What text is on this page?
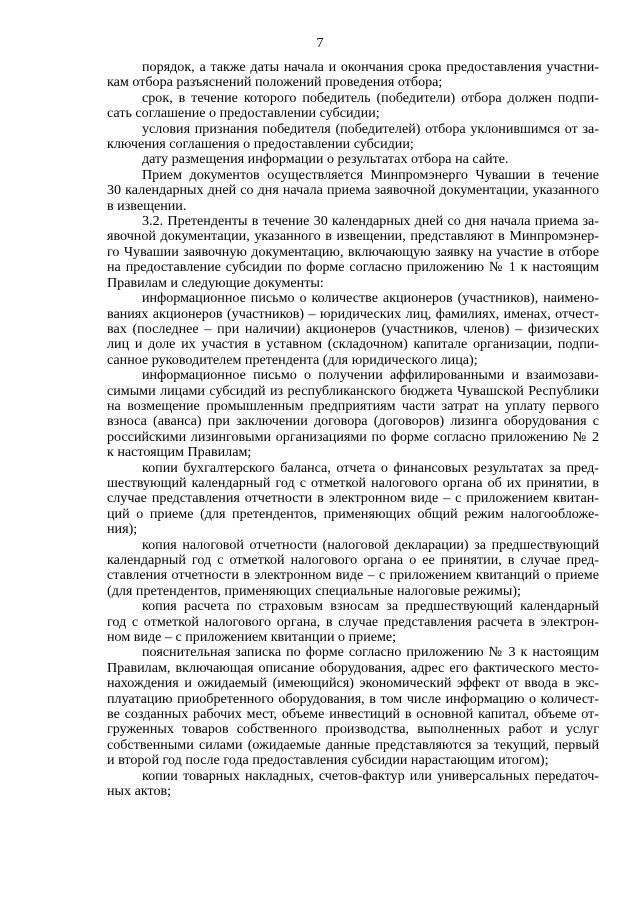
7
порядок, а также даты начала и окончания срока предоставления участни-
кам отбора разъяснений положений проведения отбора;
срок, в течение которого победитель (победители) отбора должен подпи-
сать соглашение о предоставлении субсидии;
условия признания победителя (победителей) отбора уклонившимся от за-
ключения соглашения о предоставлении субсидии;
дату размещения информации о результатах отбора на сайте.
Прием документов осуществляется Минпромэнерго Чувашии в течение
30 календарных дней со дня начала приема заявочной документации, указанного
в извещении.
3.2. Претенденты в течение 30 календарных дней со дня начала приема за-
явочной документации, указанного в извещении, представляют в Минпромэнер-
го Чувашии заявочную документацию, включающую заявку на участие в отборе
на предоставление субсидии по форме согласно приложению № 1 к настоящим
Правилам и следующие документы:
информационное письмо о количестве акционеров (участников), наимено-
ваниях акционеров (участников) – юридических лиц, фамилиях, именах, отчест-
вах (последнее – при наличии) акционеров (участников, членов) – физических
лиц и доле их участия в уставном (складочном) капитале организации, подпи-
санное руководителем претендента (для юридического лица);
информационное письмо о получении аффилированными и взаимозави-
симыми лицами субсидий из республиканского бюджета Чувашской Республики
на возмещение промышленным предприятиям части затрат на уплату первого
взноса (аванса) при заключении договора (договоров) лизинга оборудования с
российскими лизинговыми организациями по форме согласно приложению № 2
к настоящим Правилам;
копии бухгалтерского баланса, отчета о финансовых результатах за пред-
шествующий календарный год с отметкой налогового органа об их принятии, в
случае представления отчетности в электронном виде – с приложением квитан-
ций о приеме (для претендентов, применяющих общий режим налогообложе-
ния);
копия налоговой отчетности (налоговой декларации) за предшествующий
календарный год с отметкой налогового органа о ее принятии, в случае пред-
ставления отчетности в электронном виде – с приложением квитанций о приеме
(для претендентов, применяющих специальные налоговые режимы);
копия расчета по страховым взносам за предшествующий календарный
год с отметкой налогового органа, в случае представления расчета в электрон-
ном виде – с приложением квитанции о приеме;
пояснительная записка по форме согласно приложению № 3 к настоящим
Правилам, включающая описание оборудования, адрес его фактического место-
нахождения и ожидаемый (имеющийся) экономический эффект от ввода в экс-
плуатацию приобретенного оборудования, в том числе информацию о количест-
ве созданных рабочих мест, объеме инвестиций в основной капитал, объеме от-
груженных товаров собственного производства, выполненных работ и услуг
собственными силами (ожидаемые данные представляются за текущий, первый
и второй год после года предоставления субсидии нарастающим итогом);
копии товарных накладных, счетов-фактур или универсальных передаточ-
ных актов;
